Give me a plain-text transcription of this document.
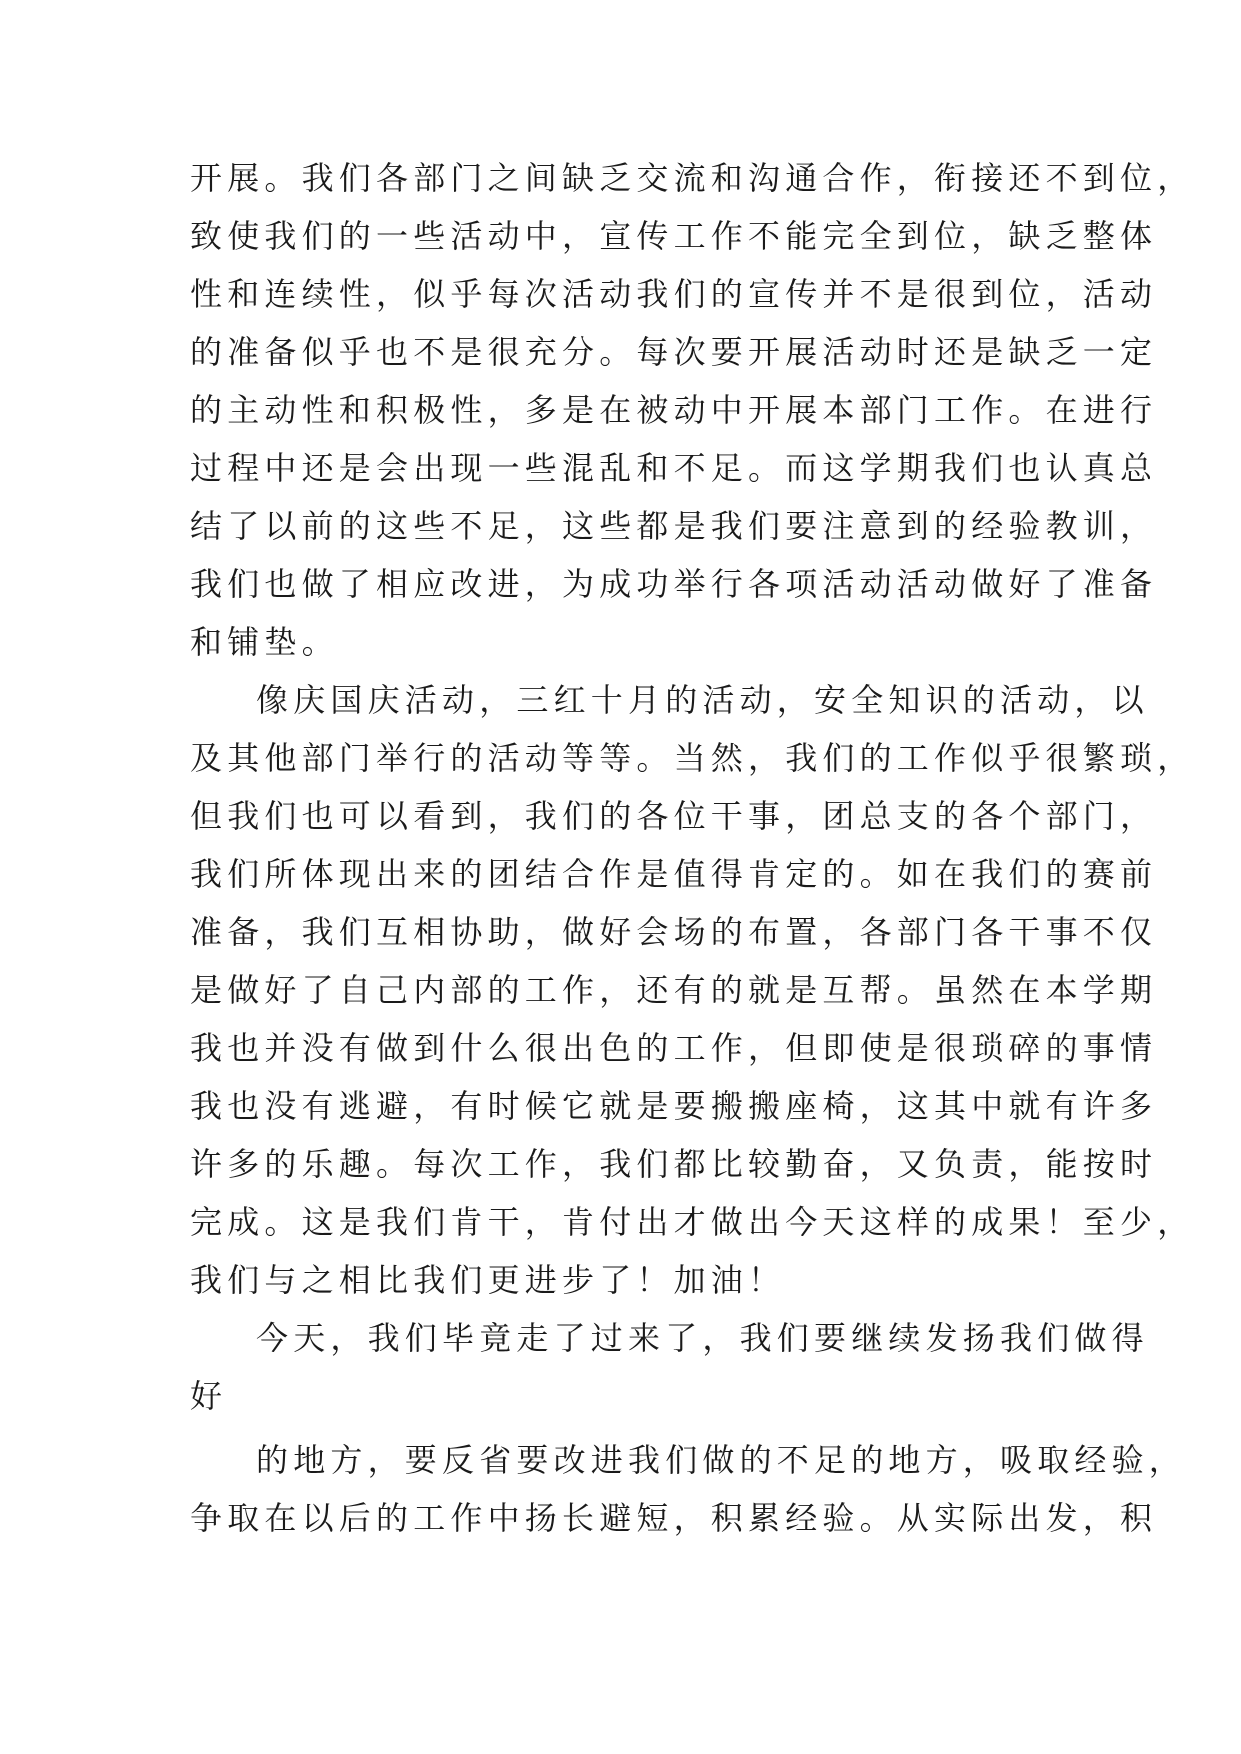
开展。我们各部门之间缺乏交流和沟通合作，衔接还不到位，
致使我们的一些活动中，宣传工作不能完全到位，缺乏整体
性和连续性，似乎每次活动我们的宣传并不是很到位，活动
的准备似乎也不是很充分。每次要开展活动时还是缺乏一定
的主动性和积极性，多是在被动中开展本部门工作。在进行
过程中还是会出现一些混乱和不足。而这学期我们也认真总
结了以前的这些不足，这些都是我们要注意到的经验教训，
我们也做了相应改进，为成功举行各项活动活动做好了准备
和铺垫。
像庆国庆活动，三红十月的活动，安全知识的活动，以
及其他部门举行的活动等等。当然，我们的工作似乎很繁琐，
但我们也可以看到，我们的各位干事，团总支的各个部门，
我们所体现出来的团结合作是值得肯定的。如在我们的赛前
准备，我们互相协助，做好会场的布置，各部门各干事不仅
是做好了自己内部的工作，还有的就是互帮。虽然在本学期
我也并没有做到什么很出色的工作，但即使是很琐碎的事情
我也没有逃避，有时候它就是要搬搬座椅，这其中就有许多
许多的乐趣。每次工作，我们都比较勤奋，又负责，能按时
完成。这是我们肯干，肯付出才做出今天这样的成果！至少，
我们与之相比我们更进步了！加油！
今天，我们毕竟走了过来了，我们要继续发扬我们做得
好
的地方，要反省要改进我们做的不足的地方，吸取经验，
争取在以后的工作中扬长避短，积累经验。从实际出发，积
